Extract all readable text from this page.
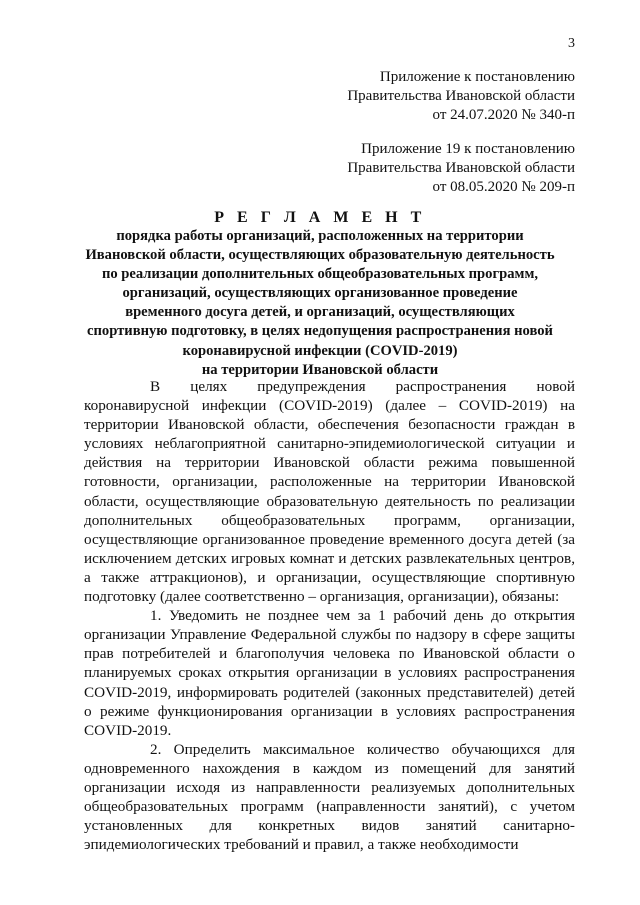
3
Приложение к постановлению
Правительства Ивановской области
от 24.07.2020 № 340-п
Приложение 19 к постановлению
Правительства Ивановской области
от 08.05.2020 № 209-п
Р Е Г Л А М Е Н Т
порядка работы организаций, расположенных на территории
Ивановской области, осуществляющих образовательную деятельность
по реализации дополнительных общеобразовательных программ,
организаций, осуществляющих организованное проведение
временного досуга детей, и организаций, осуществляющих
спортивную подготовку, в целях недопущения распространения новой
коронавирусной инфекции (COVID-2019)
на территории Ивановской области

В целях предупреждения распространения новой коронавирусной инфекции (COVID-2019) (далее – COVID-2019) на территории Ивановской области, обеспечения безопасности граждан в условиях неблагоприятной санитарно-эпидемиологической ситуации и действия на территории Ивановской области режима повышенной готовности, организации, расположенные на территории Ивановской области, осуществляющие образовательную деятельность по реализации дополнительных общеобразовательных программ, организации, осуществляющие организованное проведение временного досуга детей (за исключением детских игровых комнат и детских развлекательных центров, а также аттракционов), и организации, осуществляющие спортивную подготовку (далее соответственно – организация, организации), обязаны:

1. Уведомить не позднее чем за 1 рабочий день до открытия организации Управление Федеральной службы по надзору в сфере защиты прав потребителей и благополучия человека по Ивановской области о планируемых сроках открытия организации в условиях распространения COVID-2019, информировать родителей (законных представителей) детей о режиме функционирования организации в условиях распространения COVID-2019.

2. Определить максимальное количество обучающихся для одновременного нахождения в каждом из помещений для занятий организации исходя из направленности реализуемых дополнительных общеобразовательных программ (направленности занятий), с учетом установленных для конкретных видов занятий санитарно-эпидемиологических требований и правил, а также необходимости
